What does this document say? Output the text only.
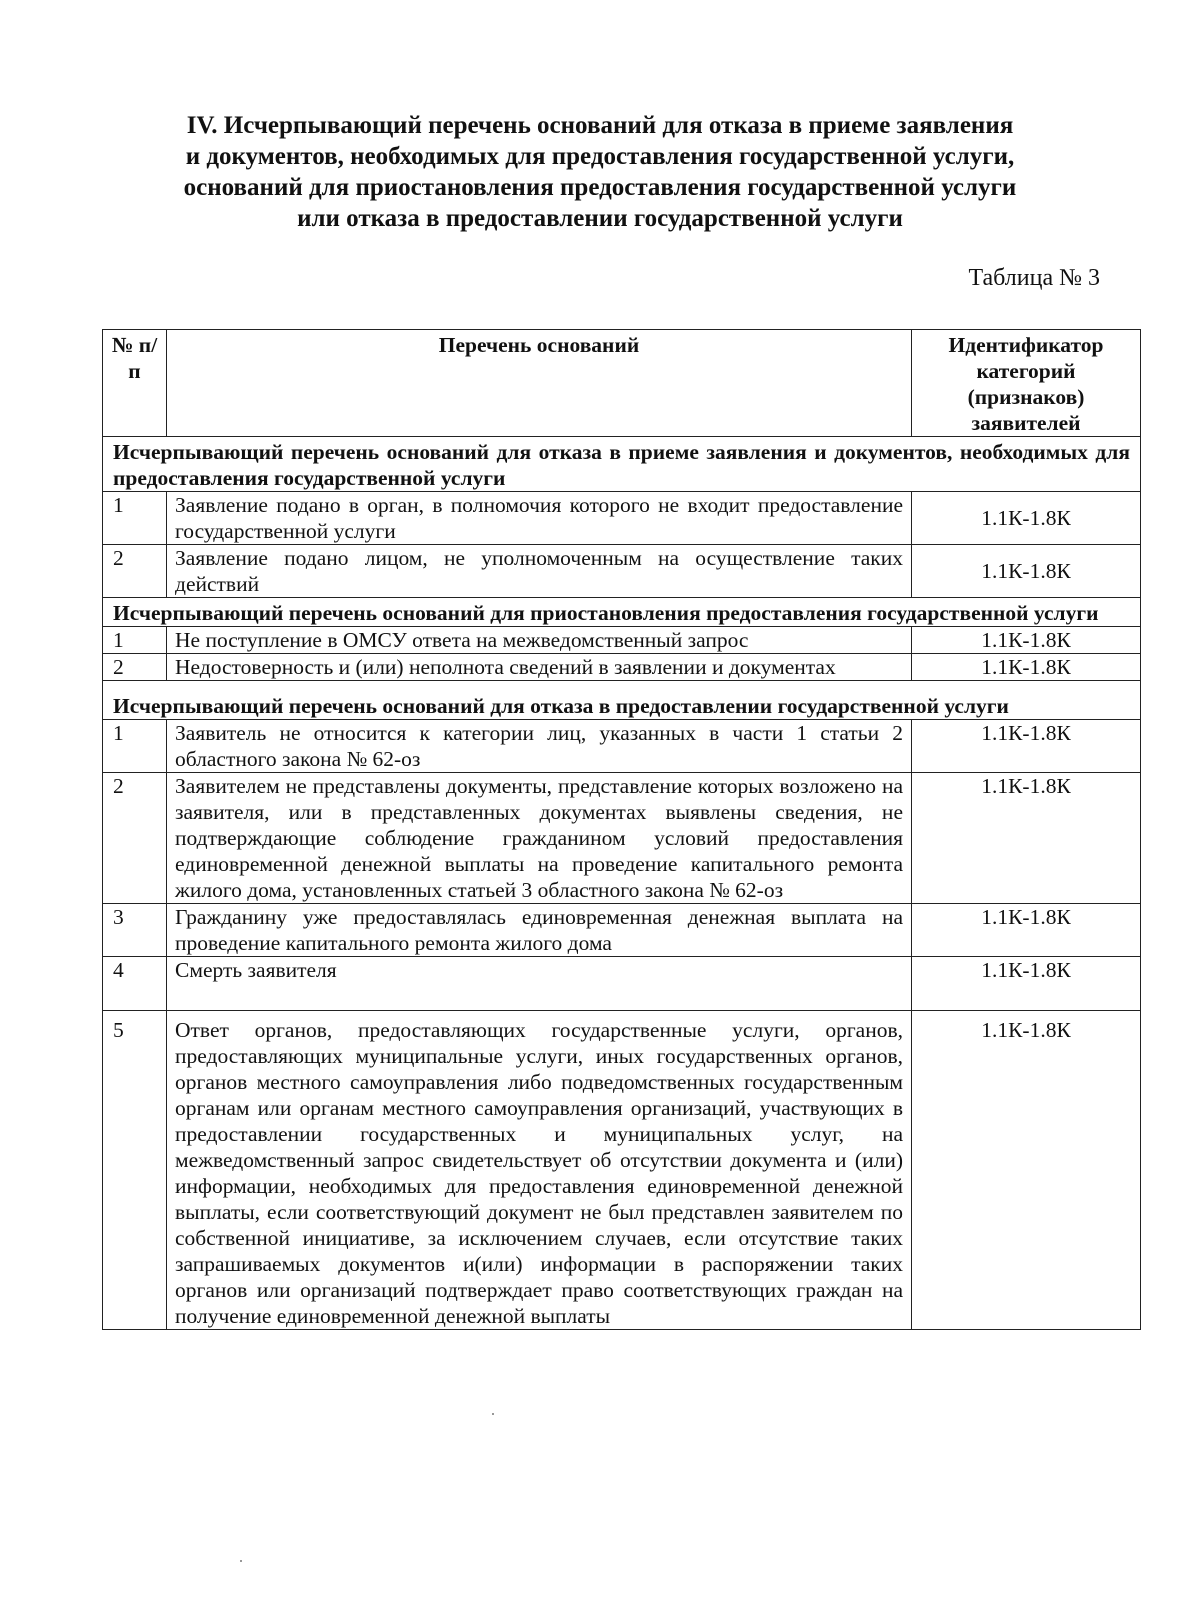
IV. Исчерпывающий перечень оснований для отказа в приеме заявления
и документов, необходимых для предоставления государственной услуги,
оснований для приостановления предоставления государственной услуги
или отказа в предоставлении государственной услуги
Таблица № 3
№ п/п	Перечень оснований	Идентификатор категорий (признаков) заявителей
Исчерпывающий перечень оснований для отказа в приеме заявления и документов, необходимых для предоставления государственной услуги		
1	Заявление подано в орган, в полномочия которого не входит предоставление государственной услуги	1.1К-1.8К
2	Заявление подано лицом, не уполномоченным на осуществление таких действий	1.1К-1.8К
Исчерпывающий перечень оснований для приостановления предоставления государственной услуги		
1	Не поступление в ОМСУ ответа на межведомственный запрос	1.1К-1.8К
2	Недостоверность и (или) неполнота сведений в заявлении и документах	1.1К-1.8К
Исчерпывающий перечень оснований для отказа в предоставлении государственной услуги		
1	Заявитель не относится к категории лиц, указанных в части 1 статьи 2 областного закона № 62-оз	1.1К-1.8К
2	Заявителем не представлены документы, представление которых возложено на заявителя, или в представленных документах выявлены сведения, не подтверждающие соблюдение гражданином условий предоставления единовременной денежной выплаты на проведение капитального ремонта жилого дома, установленных статьей 3 областного закона № 62-оз	1.1К-1.8К
3	Гражданину уже предоставлялась единовременная денежная выплата на проведение капитального ремонта жилого дома	1.1К-1.8К
4	Смерть заявителя	1.1К-1.8К
5	Ответ органов, предоставляющих государственные услуги, органов, предоставляющих муниципальные услуги, иных государственных органов, органов местного самоуправления либо подведомственных государственным органам или органам местного самоуправления организаций, участвующих в предоставлении государственных и муниципальных услуг, на межведомственный запрос свидетельствует об отсутствии документа и (или) информации, необходимых для предоставления единовременной денежной выплаты, если соответствующий документ не был представлен заявителем по собственной инициативе, за исключением случаев, если отсутствие таких запрашиваемых документов и(или) информации в распоряжении таких органов или организаций подтверждает право соответствующих граждан на получение единовременной денежной выплаты	1.1К-1.8К
